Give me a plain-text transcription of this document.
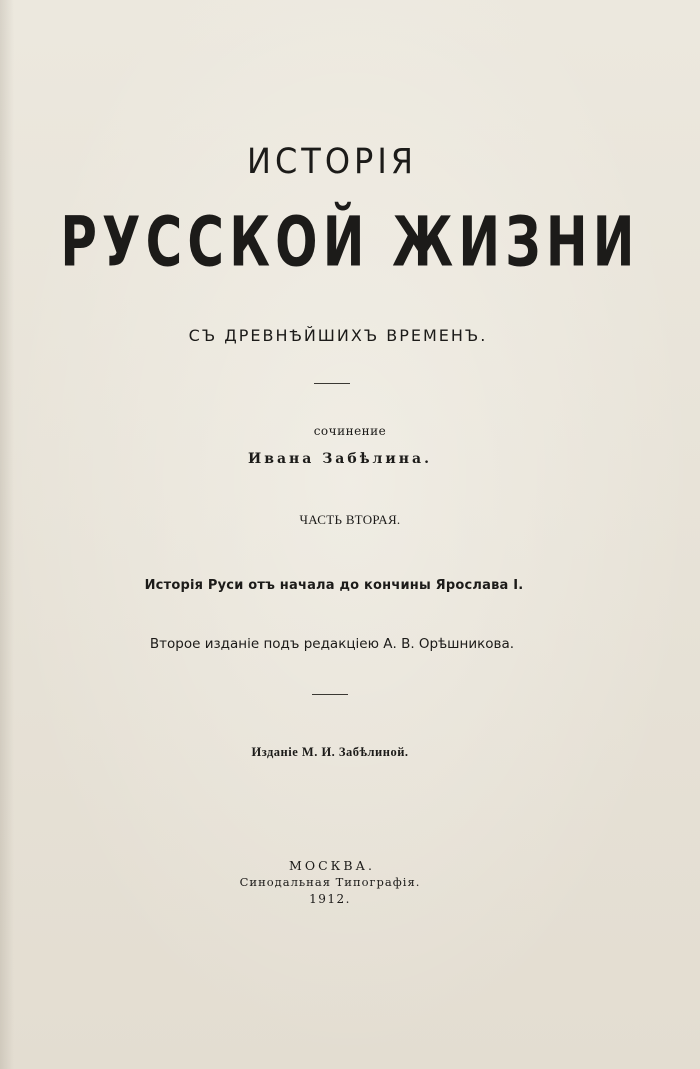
ИСТОРІЯ
РУССКОЙ ЖИЗНИ
СЪ ДРЕВНѢЙШИХЪ ВРЕМЕНЪ.
сочинение
Ивана Забѣлина.
ЧАСТЬ ВТОРАЯ.
Исторія Руси отъ начала до кончины Ярослава I.
Второе изданіе подъ редакціею А. В. Орѣшникова.
Изданіе М. И. Забѣлиной.
МОСКВА.
Синодальная Типографія.
1912.
